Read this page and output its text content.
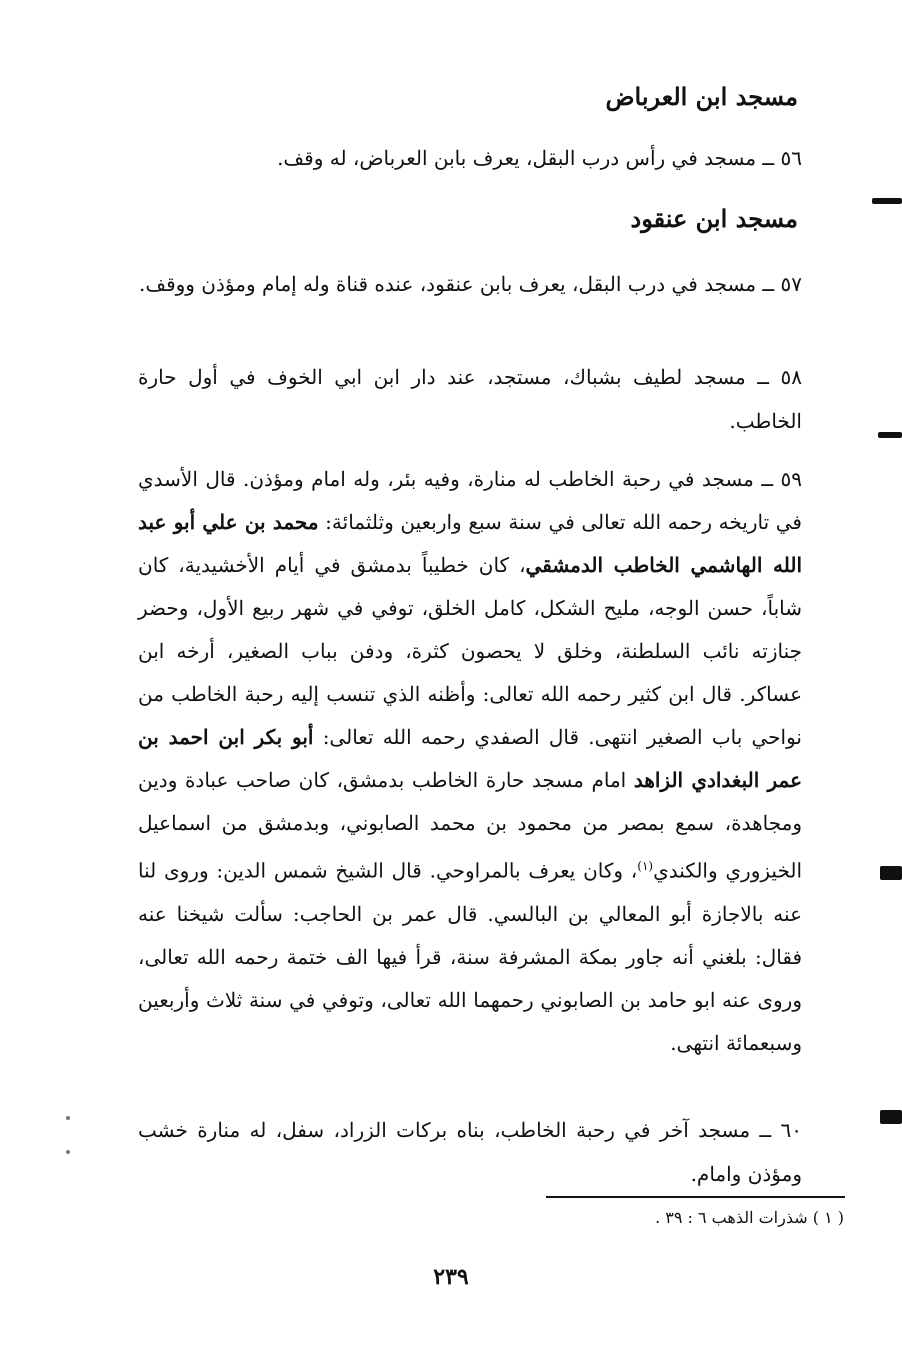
مسجد ابن العرباض
٥٦ ــ مسجد في رأس درب البقل، يعرف بابن العرباض، له وقف.
مسجد ابن عنقود
٥٧ ــ مسجد في درب البقل، يعرف بابن عنقود، عنده قناة وله إمام ومؤذن ووقف.
٥٨ ــ مسجد لطيف بشباك، مستجد، عند دار ابن ابي الخوف في أول حارة الخاطب.
٥٩ ــ مسجد في رحبة الخاطب له منارة، وفيه بئر، وله امام ومؤذن. قال الأسدي في تاريخه رحمه الله تعالى في سنة سبع واربعين وثلثمائة: محمد بن علي أبو عبد الله الهاشمي الخاطب الدمشقي، كان خطيباً بدمشق في أيام الأخشيدية، كان شاباً، حسن الوجه، مليح الشكل، كامل الخلق، توفي في شهر ربيع الأول، وحضر جنازته نائب السلطنة، وخلق لا يحصون كثرة، ودفن بباب الصغير، أرخه ابن عساكر. قال ابن كثير رحمه الله تعالى: وأظنه الذي تنسب إليه رحبة الخاطب من نواحي باب الصغير انتهى. قال الصفدي رحمه الله تعالى: أبو بكر ابن احمد بن عمر البغدادي الزاهد امام مسجد حارة الخاطب بدمشق، كان صاحب عبادة ودين ومجاهدة، سمع بمصر من محمود بن محمد الصابوني، وبدمشق من اسماعيل الخيزوري والكندي$^{(١)}$، وكان يعرف بالمراوحي. قال الشيخ شمس الدين: وروى لنا عنه بالاجازة أبو المعالي بن البالسي. قال عمر بن الحاجب: سألت شيخنا عنه فقال: بلغني أنه جاور بمكة المشرفة سنة، قرأ فيها الف ختمة رحمه الله تعالى، وروى عنه ابو حامد بن الصابوني رحمهما الله تعالى، وتوفي في سنة ثلاث وأربعين وسبعمائة انتهى.
٦٠ ــ مسجد آخر في رحبة الخاطب، بناه بركات الزراد، سفل، له منارة خشب ومؤذن وامام.
( ١ ) شذرات الذهب ٦ : ٣٩ .
٢٣٩
